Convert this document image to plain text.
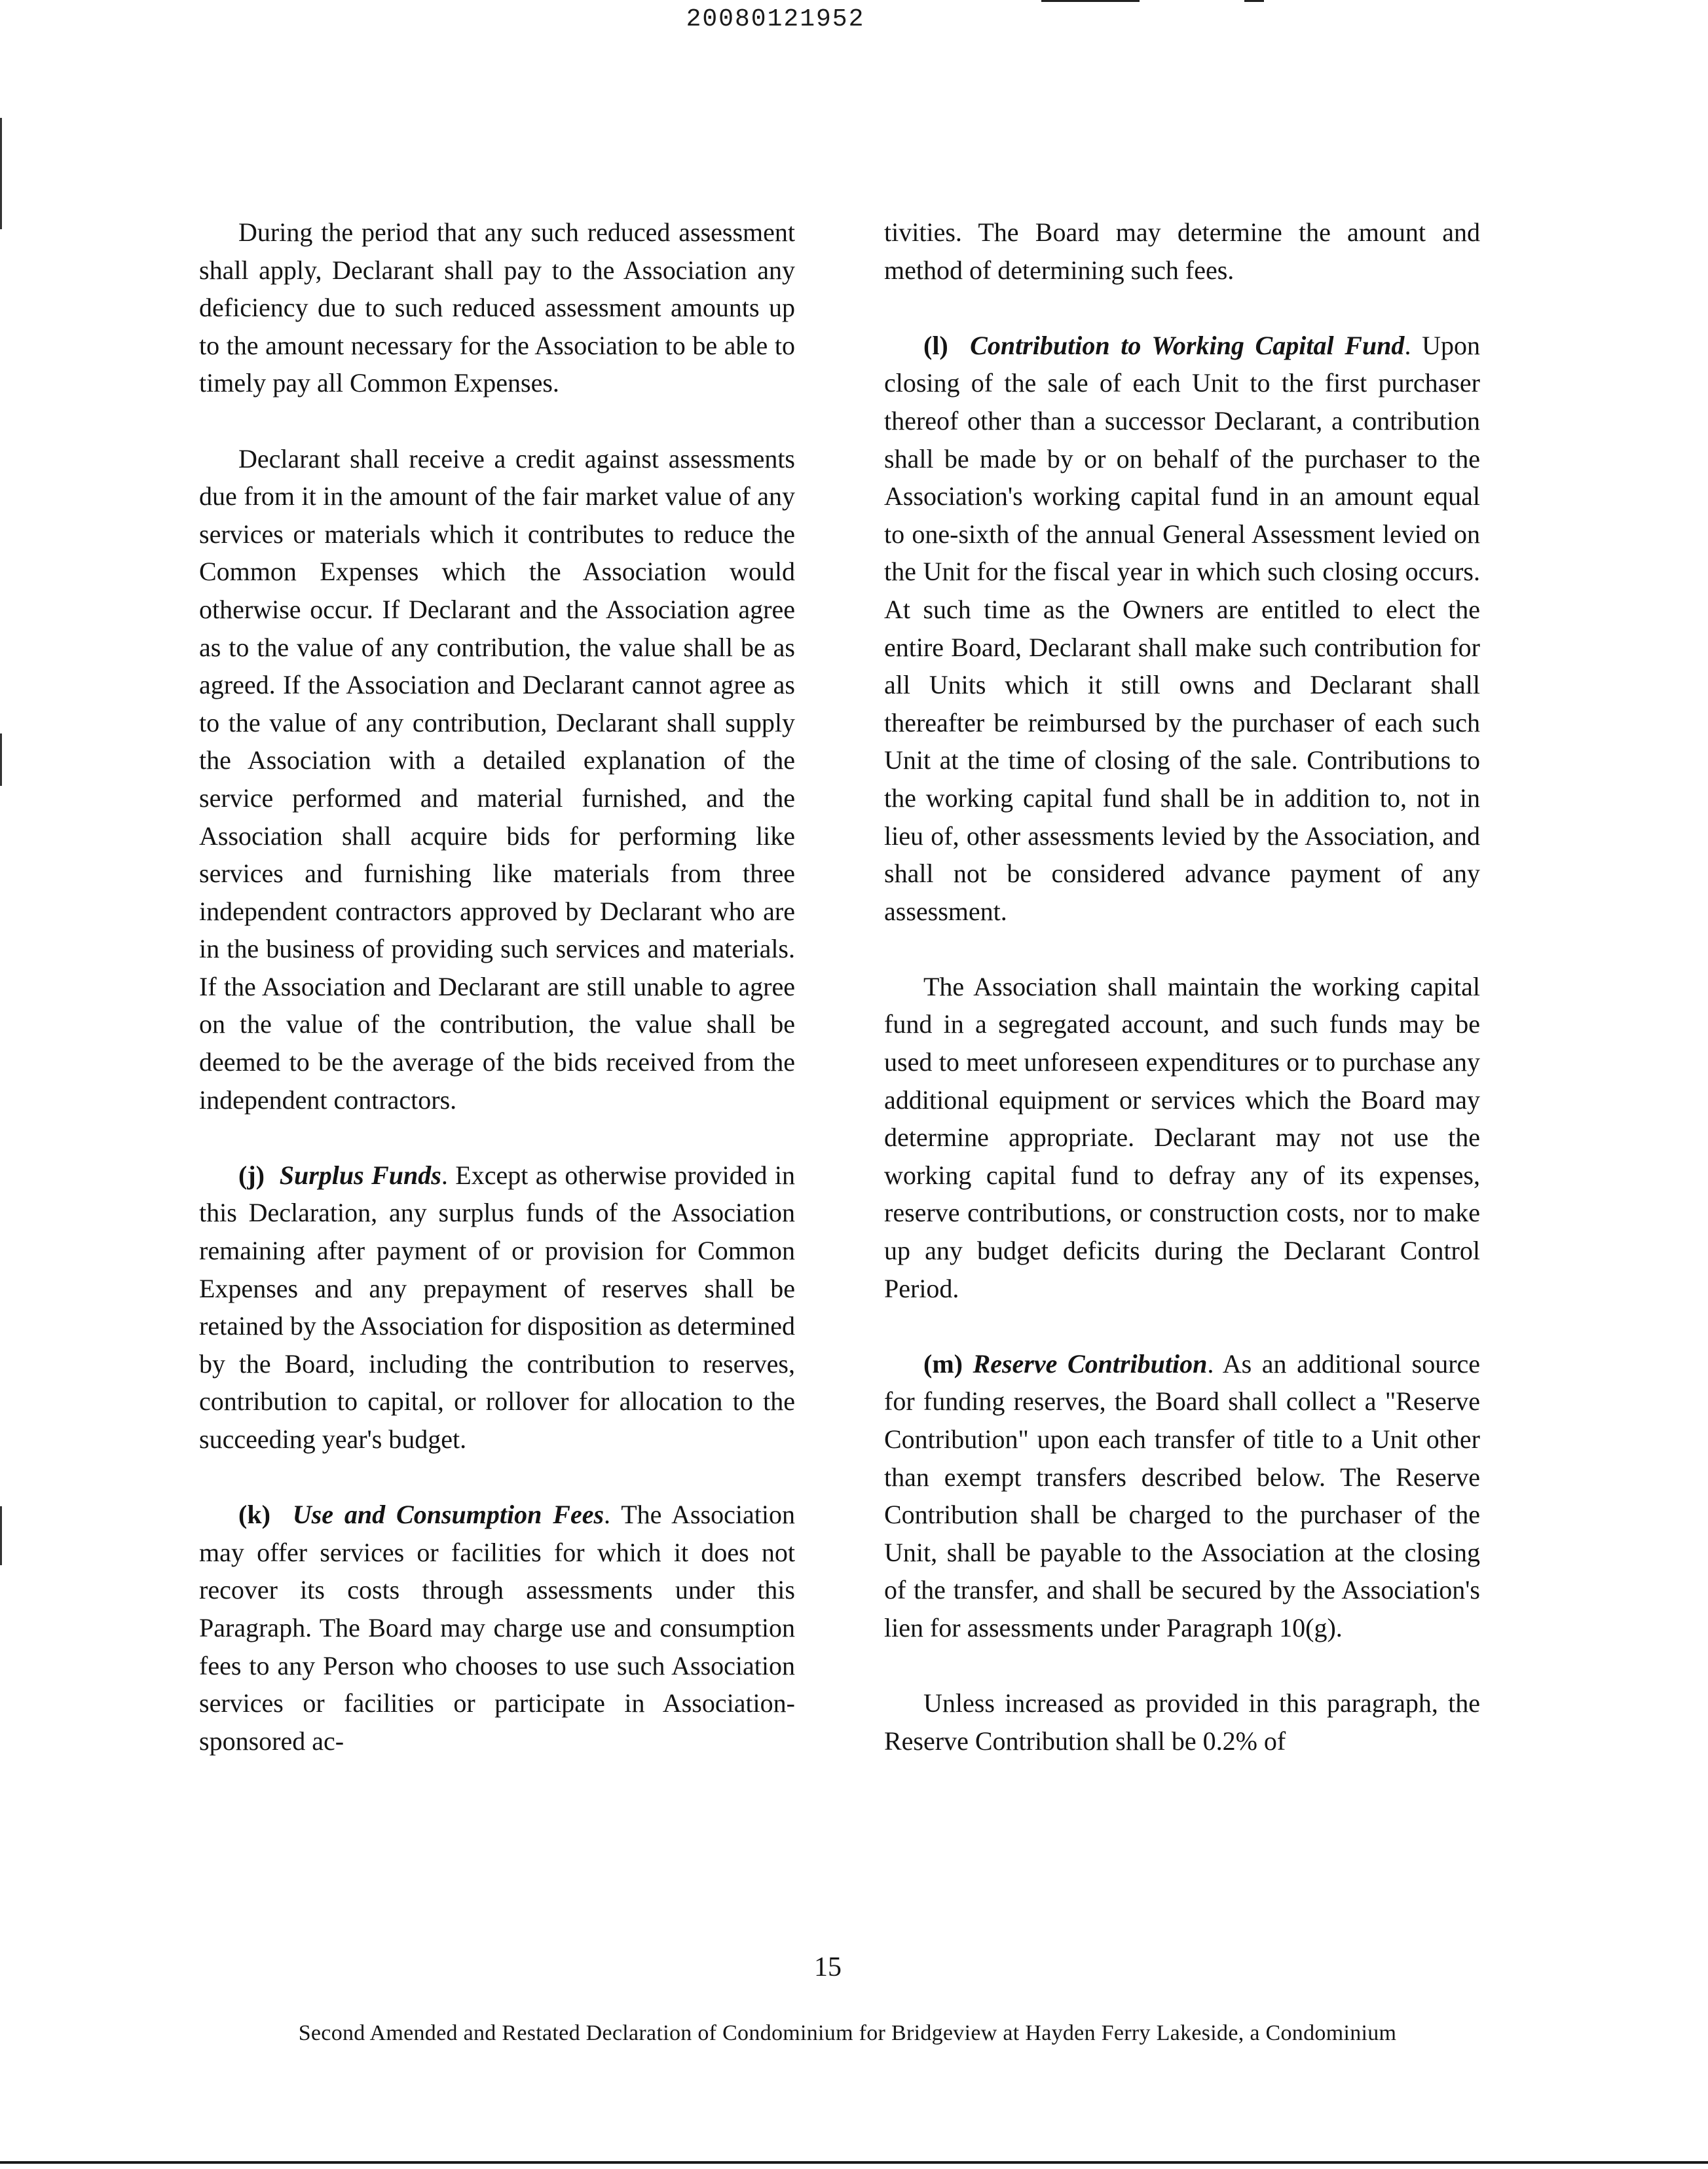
20080121952

During the period that any such reduced assessment shall apply, Declarant shall pay to the Association any deficiency due to such reduced assessment amounts up to the amount necessary for the Association to be able to timely pay all Common Expenses.

Declarant shall receive a credit against assessments due from it in the amount of the fair market value of any services or materials which it contributes to reduce the Common Expenses which the Association would otherwise occur. If Declarant and the Association agree as to the value of any contribution, the value shall be as agreed. If the Association and Declarant cannot agree as to the value of any contribution, Declarant shall supply the Association with a detailed explanation of the service performed and material furnished, and the Association shall acquire bids for performing like services and furnishing like materials from three independent contractors approved by Declarant who are in the business of providing such services and materials. If the Association and Declarant are still unable to agree on the value of the contribution, the value shall be deemed to be the average of the bids received from the independent contractors.

(j) Surplus Funds. Except as otherwise provided in this Declaration, any surplus funds of the Association remaining after payment of or provision for Common Expenses and any prepayment of reserves shall be retained by the Association for disposition as determined by the Board, including the contribution to reserves, contribution to capital, or rollover for allocation to the succeeding year's budget.

(k) Use and Consumption Fees. The Association may offer services or facilities for which it does not recover its costs through assessments under this Paragraph. The Board may charge use and consumption fees to any Person who chooses to use such Association services or facilities or participate in Association-sponsored ac-

tivities. The Board may determine the amount and method of determining such fees.

(l) Contribution to Working Capital Fund. Upon closing of the sale of each Unit to the first purchaser thereof other than a successor Declarant, a contribution shall be made by or on behalf of the purchaser to the Association's working capital fund in an amount equal to one-sixth of the annual General Assessment levied on the Unit for the fiscal year in which such closing occurs. At such time as the Owners are entitled to elect the entire Board, Declarant shall make such contribution for all Units which it still owns and Declarant shall thereafter be reimbursed by the purchaser of each such Unit at the time of closing of the sale. Contributions to the working capital fund shall be in addition to, not in lieu of, other assessments levied by the Association, and shall not be considered advance payment of any assessment.

The Association shall maintain the working capital fund in a segregated account, and such funds may be used to meet unforeseen expenditures or to purchase any additional equipment or services which the Board may determine appropriate. Declarant may not use the working capital fund to defray any of its expenses, reserve contributions, or construction costs, nor to make up any budget deficits during the Declarant Control Period.

(m) Reserve Contribution. As an additional source for funding reserves, the Board shall collect a "Reserve Contribution" upon each transfer of title to a Unit other than exempt transfers described below. The Reserve Contribution shall be charged to the purchaser of the Unit, shall be payable to the Association at the closing of the transfer, and shall be secured by the Association's lien for assessments under Paragraph 10(g).

Unless increased as provided in this paragraph, the Reserve Contribution shall be 0.2% of

15
Second Amended and Restated Declaration of Condominium for Bridgeview at Hayden Ferry Lakeside, a Condominium
